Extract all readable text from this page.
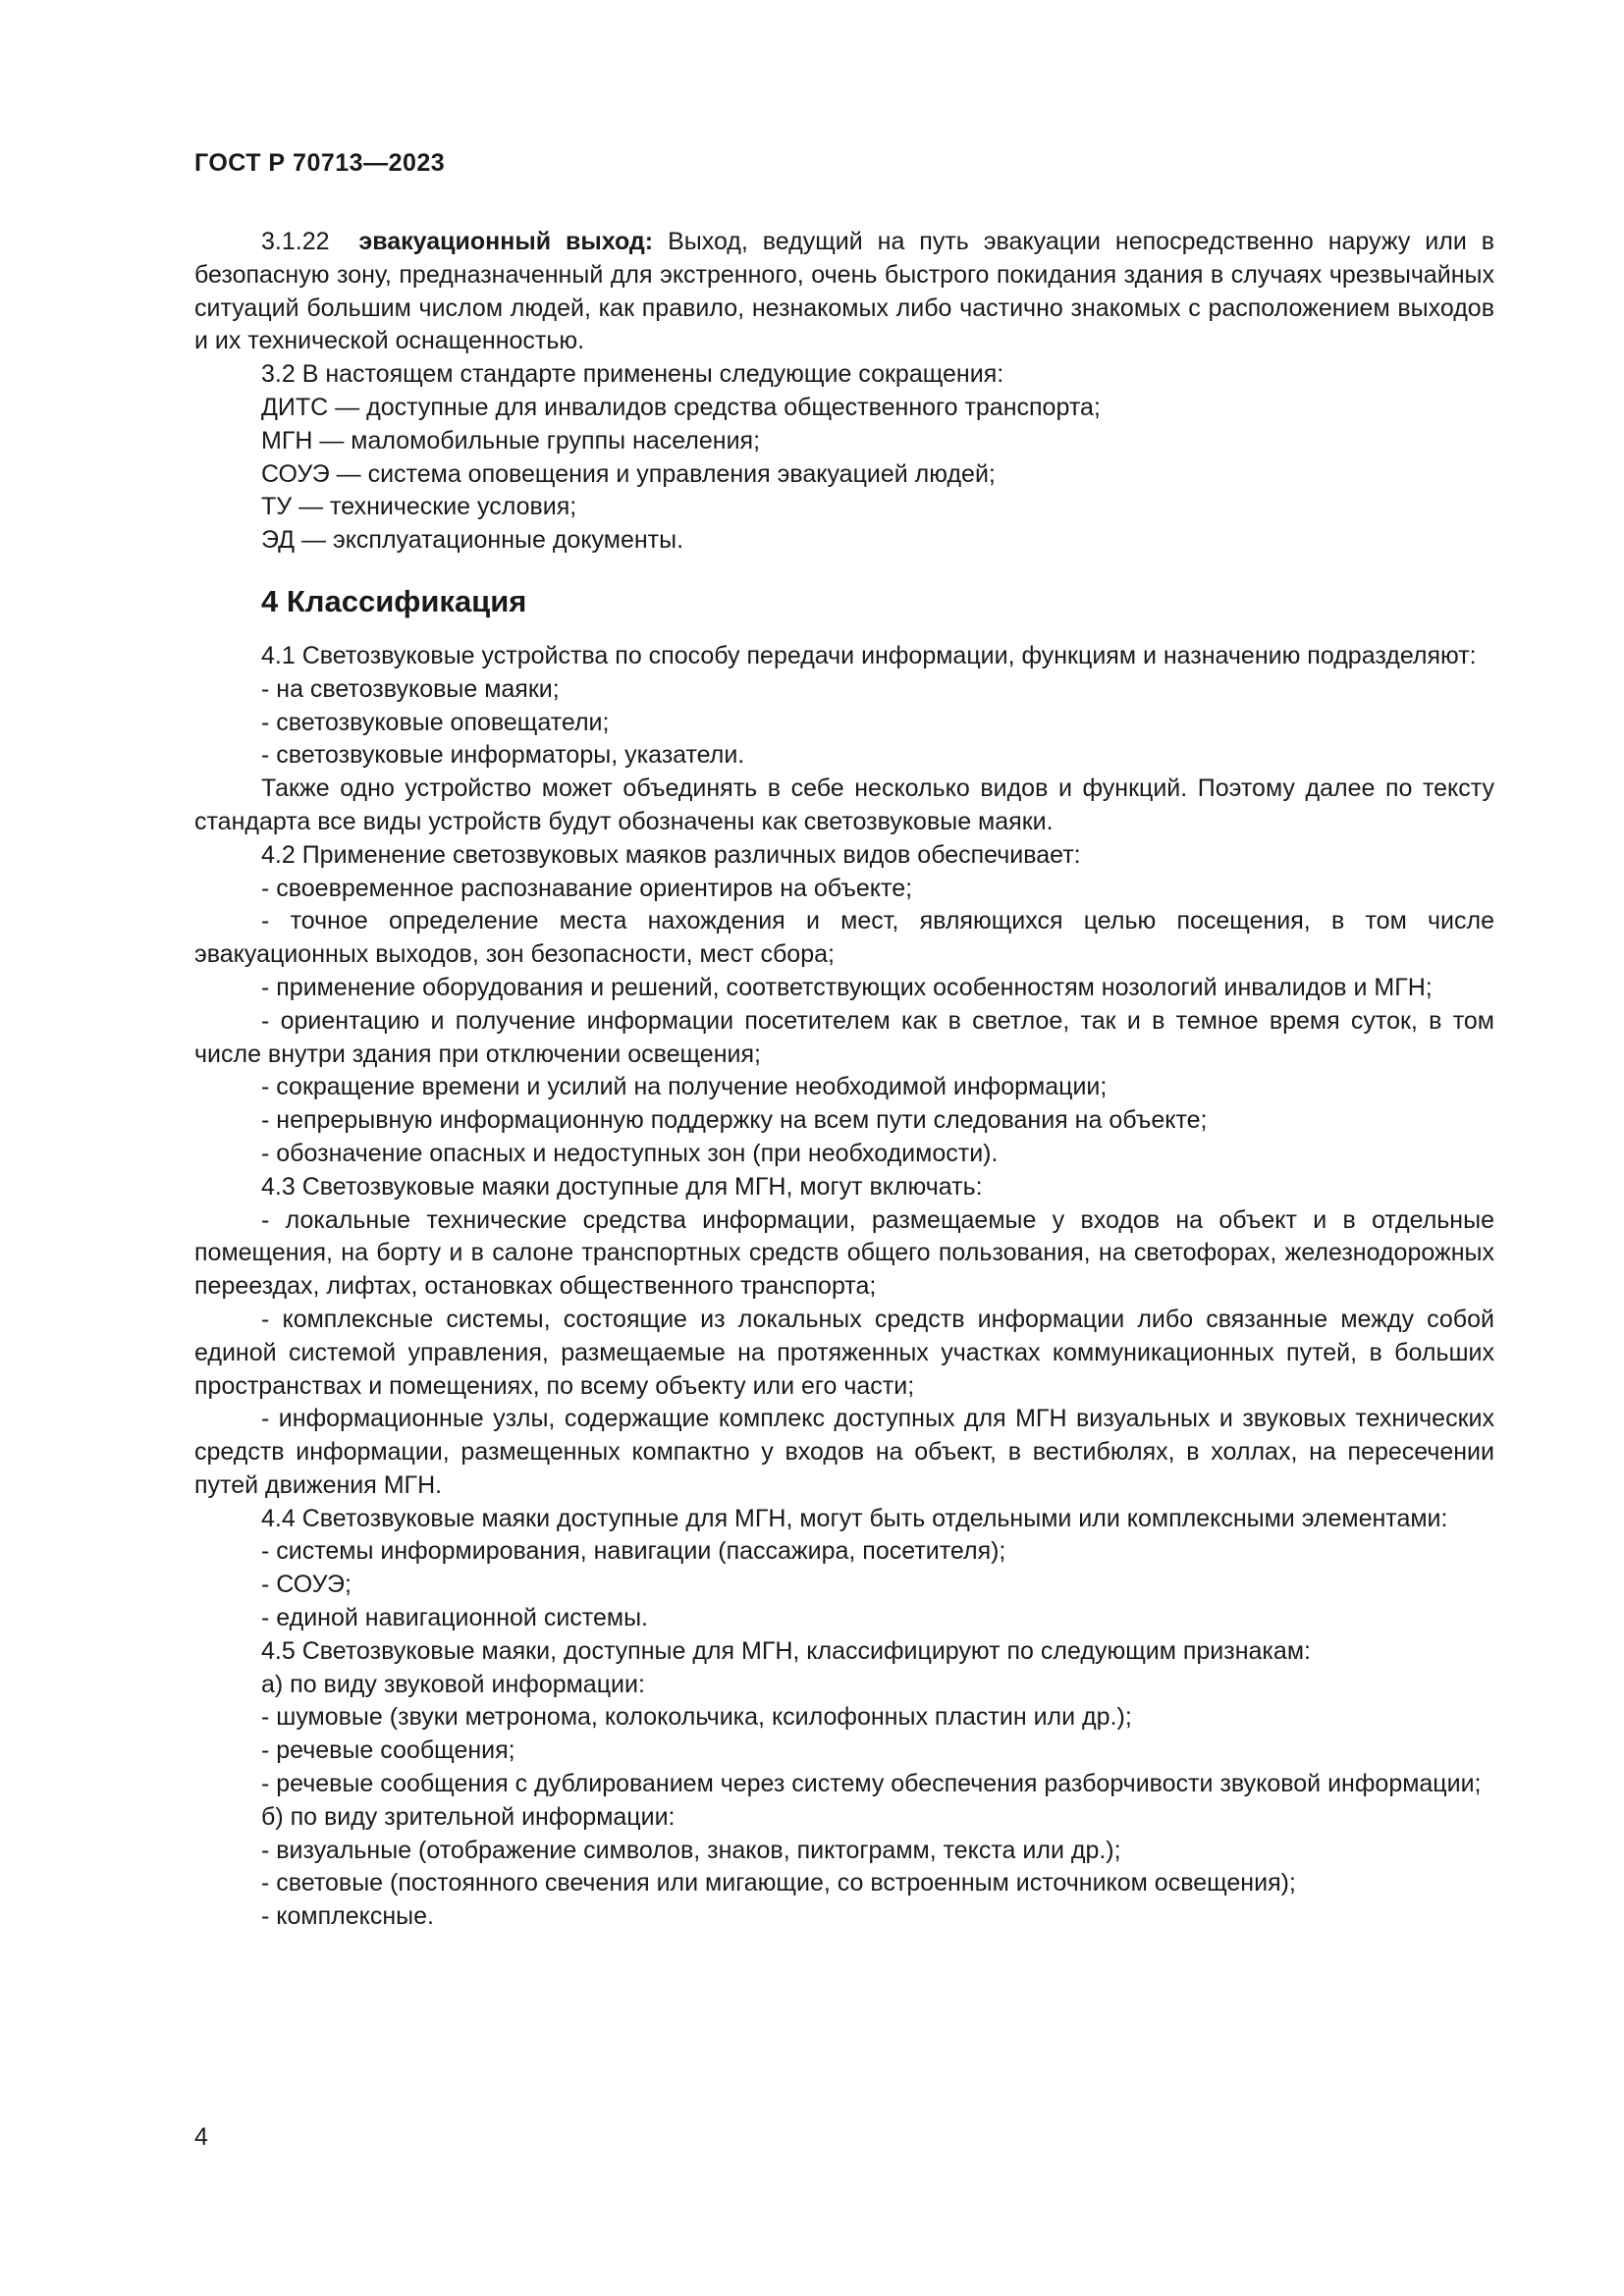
ГОСТ Р 70713—2023

3.1.22 эвакуационный выход: Выход, ведущий на путь эвакуации непосредственно наружу или в безопасную зону, предназначенный для экстренного, очень быстрого покидания здания в случаях чрезвычайных ситуаций большим числом людей, как правило, незнакомых либо частично знакомых с расположением выходов и их технической оснащенностью.

3.2 В настоящем стандарте применены следующие сокращения:

ДИТС — доступные для инвалидов средства общественного транспорта;

МГН — маломобильные группы населения;

СОУЭ — система оповещения и управления эвакуацией людей;

ТУ — технические условия;

ЭД — эксплуатационные документы.

4 Классификация

4.1 Светозвуковые устройства по способу передачи информации, функциям и назначению подразделяют:

- на светозвуковые маяки;

- светозвуковые оповещатели;

- светозвуковые информаторы, указатели.

Также одно устройство может объединять в себе несколько видов и функций. Поэтому далее по тексту стандарта все виды устройств будут обозначены как светозвуковые маяки.

4.2 Применение светозвуковых маяков различных видов обеспечивает:

- своевременное распознавание ориентиров на объекте;

- точное определение места нахождения и мест, являющихся целью посещения, в том числе эвакуационных выходов, зон безопасности, мест сбора;

- применение оборудования и решений, соответствующих особенностям нозологий инвалидов и МГН;

- ориентацию и получение информации посетителем как в светлое, так и в темное время суток, в том числе внутри здания при отключении освещения;

- сокращение времени и усилий на получение необходимой информации;

- непрерывную информационную поддержку на всем пути следования на объекте;

- обозначение опасных и недоступных зон (при необходимости).

4.3 Светозвуковые маяки доступные для МГН, могут включать:

- локальные технические средства информации, размещаемые у входов на объект и в отдельные помещения, на борту и в салоне транспортных средств общего пользования, на светофорах, железнодорожных переездах, лифтах, остановках общественного транспорта;

- комплексные системы, состоящие из локальных средств информации либо связанные между собой единой системой управления, размещаемые на протяженных участках коммуникационных путей, в больших пространствах и помещениях, по всему объекту или его части;

- информационные узлы, содержащие комплекс доступных для МГН визуальных и звуковых технических средств информации, размещенных компактно у входов на объект, в вестибюлях, в холлах, на пересечении путей движения МГН.

4.4 Светозвуковые маяки доступные для МГН, могут быть отдельными или комплексными элементами:

- системы информирования, навигации (пассажира, посетителя);

- СОУЭ;

- единой навигационной системы.

4.5 Светозвуковые маяки, доступные для МГН, классифицируют по следующим признакам:

а) по виду звуковой информации:

- шумовые (звуки метронома, колокольчика, ксилофонных пластин или др.);

- речевые сообщения;

- речевые сообщения с дублированием через систему обеспечения разборчивости звуковой информации;

б) по виду зрительной информации:

- визуальные (отображение символов, знаков, пиктограмм, текста или др.);

- световые (постоянного свечения или мигающие, со встроенным источником освещения);

- комплексные.

4
